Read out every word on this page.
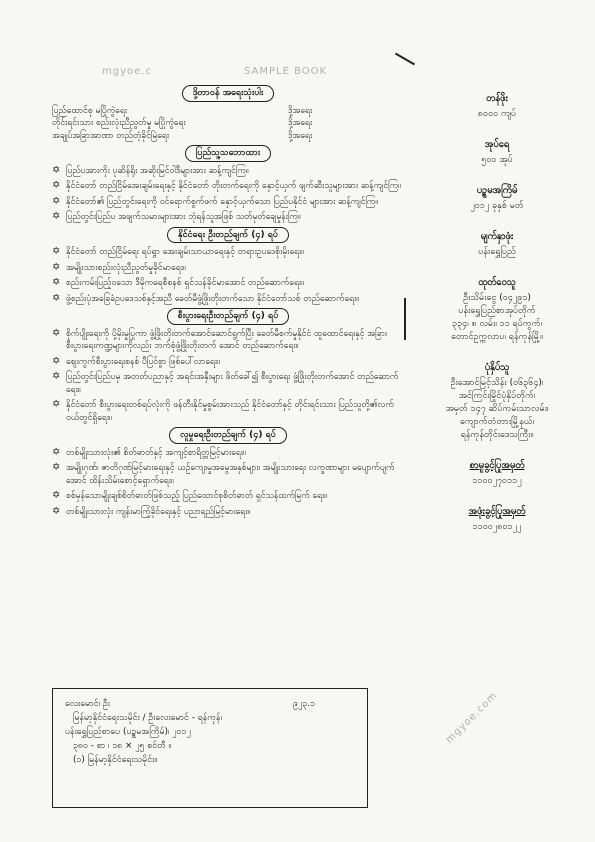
mgyoe.c	SAMPLE BOOK
mgyoe.com
ဒို့တာဝန် အရေးသုံးပါး
ပြည်ထောင်စု မပြိုကွဲရေး	ဒို့အရေး
တိုင်းရင်းသား စည်းလုံးညီညွတ်မှု မပြိုကွဲရေး	ဒို့အရေး
အချုပ်အခြာအာဏာ တည်တံ့ခိုင်မြဲရေး	ဒို့အရေး
ပြည်သူ့သဘောထား
✡ ပြည်ပအားကိုး ပုဆိန်ရိုး အဆိုးမြင်ဝါဒီများအား ဆန့်ကျင်ကြ။
✡ နိုင်ငံတော် တည်ငြိမ်အေးချမ်းရေးနှင့် နိုင်ငံတော် တိုးတက်ရေးကို နှောင့်ယှက် ဖျက်ဆီးသူများအား ဆန့်ကျင်ကြ။
✡ နိုင်ငံတော်၏ ပြည်တွင်းရေးကို ဝင်ရောက်စွက်ဖက် နှောင့်ယှက်သော ပြည်ပနိုင်ငံ များအား ဆန့်ကျင်ကြ။
✡ ပြည်တွင်းပြည်ပ အဖျက်သမားများအား ဘုံရန်သူအဖြစ် သတ်မှတ်ချေမှုန်းကြ။
နိုင်ငံရေး ဦးတည်ချက် (၄) ရပ်
✡ နိုင်ငံတော် တည်ငြိမ်ရေး ရပ်ရွာ အေးချမ်းသာယာရေးနှင့် တရားဥပဒေစိုးမိုးရေး။
✡ အမျိုးသားစည်းလုံးညီညွတ်မှုခိုင်မာရေး။
✡ စည်းကမ်းပြည့်ဝသော ဒီမိုကရေစီစနစ် ရှင်သန်ခိုင်မာအောင် တည်ဆောက်ရေး။
✡ ဖွဲ့စည်းပုံအခြေခံဥပဒေသစ်နှင့်အညီ ခေတ်မီဖွံ့ဖြိုးတိုးတက်သော နိုင်ငံတော်သစ် တည်ဆောက်ရေး။
စီးပွားရေးဦးတည်ချက် (၄) ရပ်
✡ စိုက်ပျိုးရေးကို ပို့မိုးမှုပြုကာ ဖွံ့ဖြိုးတိုးတက်အောင်ဆောင်ရွက်ပြီး ခေတ်မီစက်မှုနိုင်ငံ ထူထောင်ရေးနှင့် အခြားစီးပွားရေးကဏ္ဍများကိုလည်း ဘက်စုံဖွံ့ဖြိုးတိုးတက် အောင် တည်ဆောက်ရေး။
✡ ဈေးကွက်စီးပွားရေးစနစ် ပီပြင်စွာ ဖြစ်ပေါ်လာရေး။
✡ ပြည်တွင်းပြည်ပမှ အတတ်ပညာနှင့် အရင်းအနှီးများ ဖိတ်ခေါ်၍ စီးပွားရေး ဖွံ့ဖြိုးတိုးတက်အောင် တည်ဆောက်ရေး။
✡ နိုင်ငံတော် စီးပွားရေးတစ်ရပ်လုံးကို ဖန်တီးနိုင်မှုစွမ်းအားသည် နိုင်ငံတော်နှင့် တိုင်းရင်းသား ပြည်သူတို့၏လက်ဝယ်တွင်ရှိရေး။
လူမှုရေးဦးတည်ချက် (၄) ရပ်
✡ တစ်မျိုးသားလုံး၏ စိတ်ဓာတ်နှင့် အကျင့်စာရိတ္တမြင့်မားရေး။
✡ အမျိုးဂုဏ်၊ ဇာတိဂုဏ်မြင့်မားရေးနှင့် ယဉ်ကျေးမှုအမွေအနှစ်များ၊ အမျိုးသားရေး လက္ခဏာများ မပျောက်ပျက်အောင် ထိန်းသိမ်းစောင့်ရှောက်ရေး။
✡ စစ်မှန်သောမျိုးချစ်စိတ်ဓာတ်ဖြစ်သည့် ပြည်ထောင်စုစိတ်ဓာတ် ရှင်သန်ထက်မြက် ရေး။
✡ တစ်မျိုးသားလုံး ကျန်းမာကြံ့ခိုင်ရေးနှင့် ပညာရည်မြင့်မားရေး။
လေးမောင်၊ ဦး	၉၂၃.၁
မြန်မာ့နိုင်ငံရေးသမိုင်း / ဦးလေးမောင် - ရန်ကုန်၊
ပန်းရွှေပြည်စာပေ (ပဉ္စမအကြိမ်)၊ ၂၀၁၂
၃၈၀ - စာ ၊ ၁၈ × ၂၅ စင်တီ ။
(၁) မြန်မာ့နိုင်ငံရေးသမိုင်း။
တန်ဖိုး
၈၀၀၀ ကျပ်
အုပ်ရေ
၅၀၀ အုပ်
ပဉ္စမအကြိမ်
၂၀၁၂ ခုနှစ် မတ်
မျက်နှာဖုံး
ပန်းရွှေပြည်
ထုတ်ဝေသူ
ဦးသိမ်းငွေ (၀၄၂၉၁)
ပန်းရွှေပြည်စာအုပ်တိုက်
၃၃၄၊ ၈ လမ်း၊ ၁၁ ရပ်ကွက်၊
တောင်ဥက္ကလာပ၊ ရန်ကုန်မြို့။
ပုံနှိပ်သူ
ဦးအောင်မြင့်သိန်း (၀၆၃၆၄)၊
အင်ကြင်းမြိုင်ပုံနှိပ်တိုက်၊
အမှတ် ၁၄၇ ဆိပ်ကမ်းသာလမ်း၊
ကျောက်တံတားမြို့နယ်၊
ရန်ကုန်တိုင်းဒေသကြီး။
စာမူခွင့်ပြုအမှတ်
၁၁၀၀၂၇၀၁၁၂
အဖုံးခွင့်ပြုအမှတ်
၁၁၀၀၂၈၀၁၂၂
